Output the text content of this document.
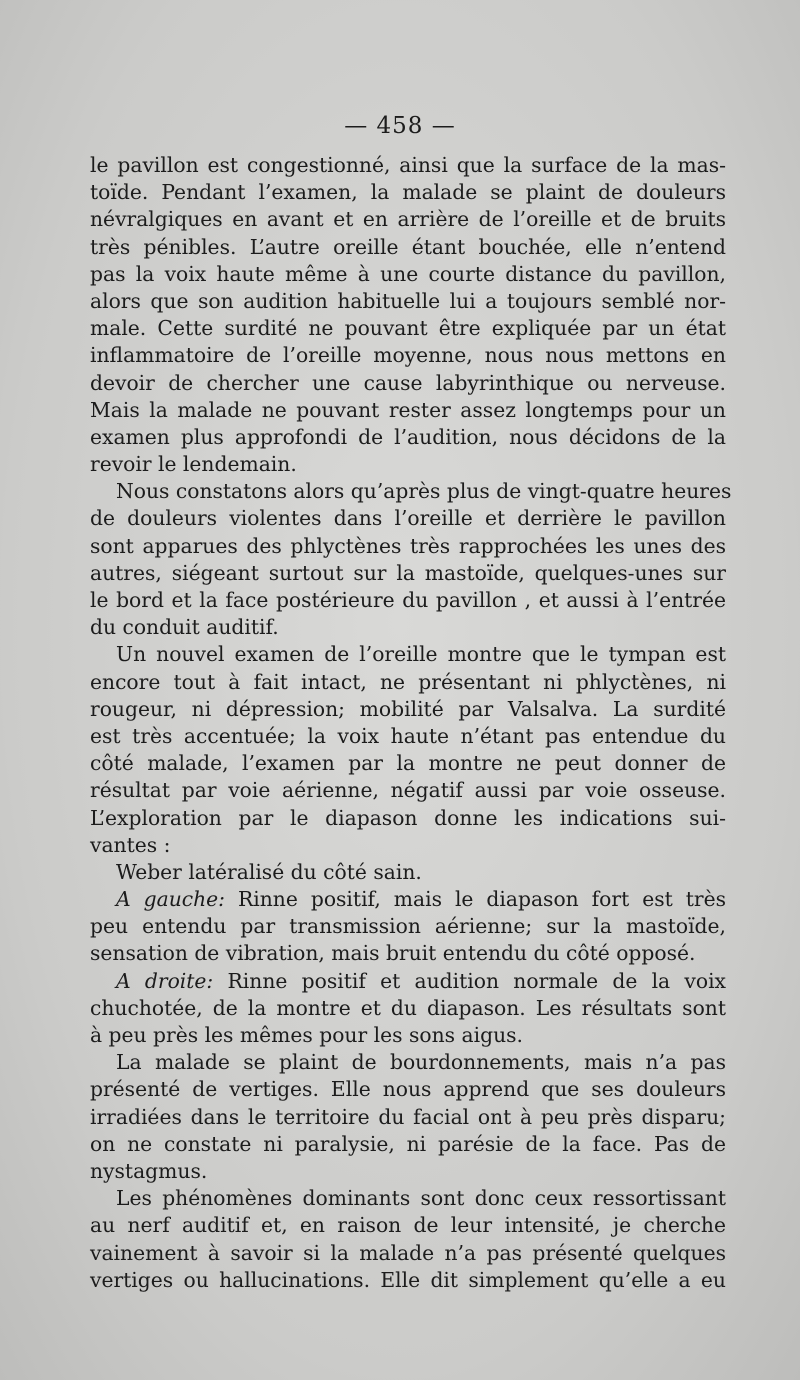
— 458 —
le pavillon est congestionné, ainsi que la surface de la mas-
toïde. Pendant l’examen, la malade se plaint de douleurs
névralgiques en avant et en arrière de l’oreille et de bruits
très pénibles. L’autre oreille étant bouchée, elle n’entend
pas la voix haute même à une courte distance du pavillon,
alors que son audition habituelle lui a toujours semblé nor-
male. Cette surdité ne pouvant être expliquée par un état
inflammatoire de l’oreille moyenne, nous nous mettons en
devoir de chercher une cause labyrinthique ou nerveuse.
Mais la malade ne pouvant rester assez longtemps pour un
examen plus approfondi de l’audition, nous décidons de la
revoir le lendemain.
Nous constatons alors qu’après plus de vingt-quatre heures
de douleurs violentes dans l’oreille et derrière le pavillon
sont apparues des phlyctènes très rapprochées les unes des
autres, siégeant surtout sur la mastoïde, quelques-unes sur
le bord et la face postérieure du pavillon , et aussi à l’entrée
du conduit auditif.
Un nouvel examen de l’oreille montre que le tympan est
encore tout à fait intact, ne présentant ni phlyctènes, ni
rougeur, ni dépression; mobilité par Valsalva. La surdité
est très accentuée; la voix haute n’étant pas entendue du
côté malade, l’examen par la montre ne peut donner de
résultat par voie aérienne, négatif aussi par voie osseuse.
L’exploration par le diapason donne les indications sui-
vantes :
Weber latéralisé du côté sain.
A gauche: Rinne positif, mais le diapason fort est très
peu entendu par transmission aérienne; sur la mastoïde,
sensation de vibration, mais bruit entendu du côté opposé.
A droite: Rinne positif et audition normale de la voix
chuchotée, de la montre et du diapason. Les résultats sont
à peu près les mêmes pour les sons aigus.
La malade se plaint de bourdonnements, mais n’a pas
présenté de vertiges. Elle nous apprend que ses douleurs
irradiées dans le territoire du facial ont à peu près disparu;
on ne constate ni paralysie, ni parésie de la face. Pas de
nystagmus.
Les phénomènes dominants sont donc ceux ressortissant
au nerf auditif et, en raison de leur intensité, je cherche
vainement à savoir si la malade n’a pas présenté quelques
vertiges ou hallucinations. Elle dit simplement qu’elle a eu
